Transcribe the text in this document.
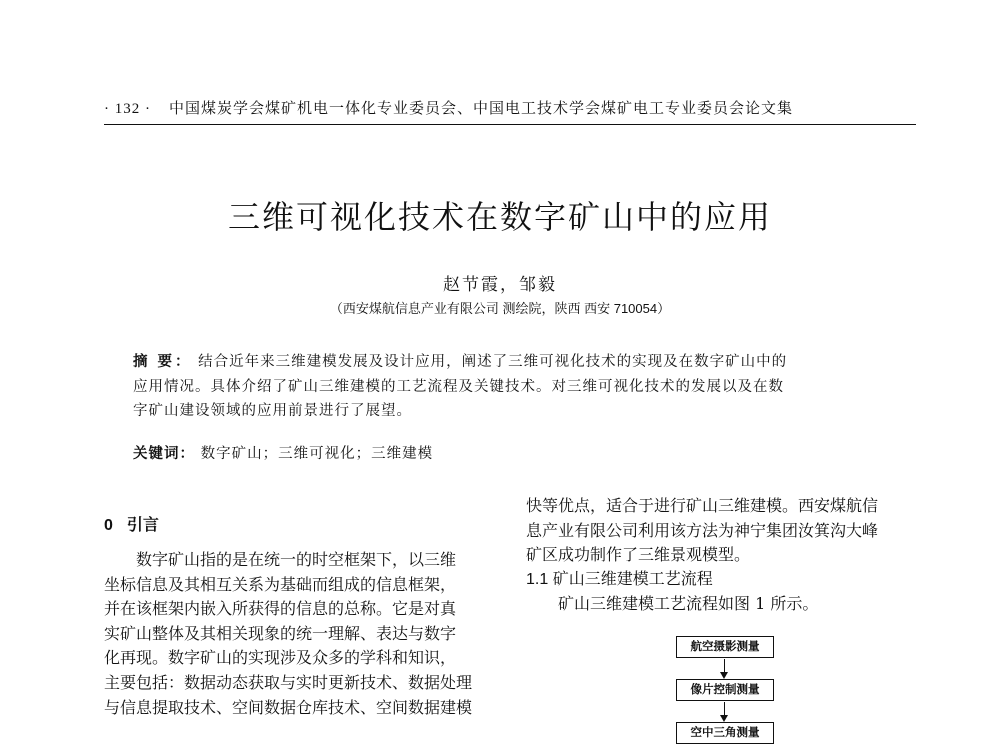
· 132 · 中国煤炭学会煤矿机电一体化专业委员会、中国电工技术学会煤矿电工专业委员会论文集
三维可视化技术在数字矿山中的应用
赵节霞，邹毅
（西安煤航信息产业有限公司 测绘院，陕西 西安 710054）
摘 要： 结合近年来三维建模发展及设计应用，阐述了三维可视化技术的实现及在数字矿山中的
应用情况。具体介绍了矿山三维建模的工艺流程及关键技术。对三维可视化技术的发展以及在数
字矿山建设领域的应用前景进行了展望。
关键词： 数字矿山；三维可视化；三维建模
0 引言
数字矿山指的是在统一的时空框架下，以三维
坐标信息及其相互关系为基础而组成的信息框架，
并在该框架内嵌入所获得的信息的总称。它是对真
实矿山整体及其相关现象的统一理解、表达与数字
化再现。数字矿山的实现涉及众多的学科和知识，
主要包括：数据动态获取与实时更新技术、数据处理
与信息提取技术、空间数据仓库技术、空间数据建模
快等优点，适合于进行矿山三维建模。西安煤航信
息产业有限公司利用该方法为神宁集团汝箕沟大峰
矿区成功制作了三维景观模型。
1.1 矿山三维建模工艺流程
矿山三维建模工艺流程如图 1 所示。
航空摄影测量
像片控制测量
空中三角测量
